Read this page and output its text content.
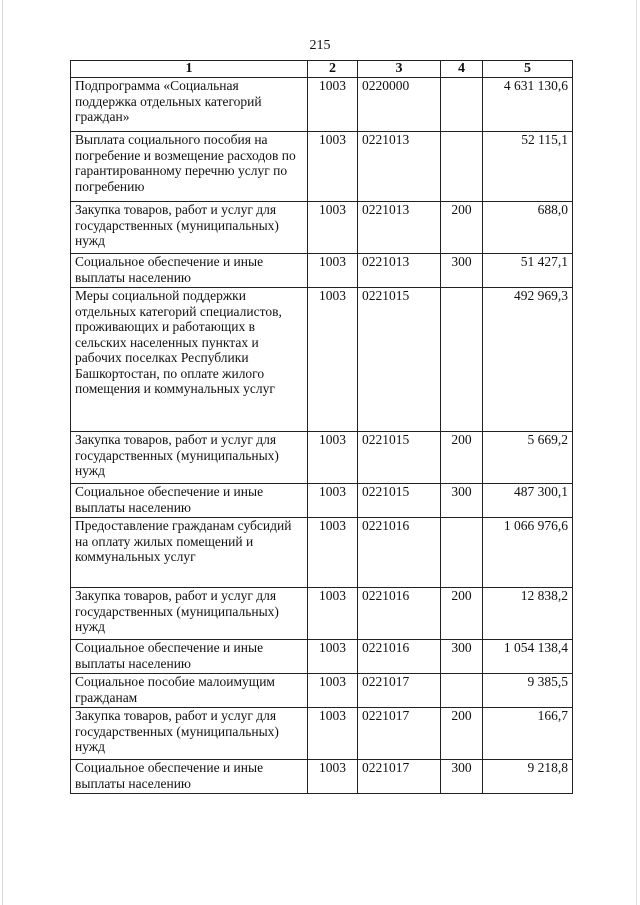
215
1	2	3	4	5
Подпрограмма «Социальная поддержка отдельных категорий граждан»	1003	0220000		4 631 130,6
Выплата социального пособия на погребение и возмещение расходов по гарантированному перечню услуг по погребению	1003	0221013		52 115,1
Закупка товаров, работ и услуг для государственных (муниципальных) нужд	1003	0221013	200	688,0
Социальное обеспечение и иные выплаты населению	1003	0221013	300	51 427,1
Меры социальной поддержки отдельных категорий специалистов, проживающих и работающих в сельских населенных пунктах и рабочих поселках Республики Башкортостан, по оплате жилого помещения и коммунальных услуг	1003	0221015		492 969,3
Закупка товаров, работ и услуг для государственных (муниципальных) нужд	1003	0221015	200	5 669,2
Социальное обеспечение и иные выплаты населению	1003	0221015	300	487 300,1
Предоставление гражданам субсидий на оплату жилых помещений и коммунальных услуг	1003	0221016		1 066 976,6
Закупка товаров, работ и услуг для государственных (муниципальных) нужд	1003	0221016	200	12 838,2
Социальное обеспечение и иные выплаты населению	1003	0221016	300	1 054 138,4
Социальное пособие малоимущим гражданам	1003	0221017		9 385,5
Закупка товаров, работ и услуг для государственных (муниципальных) нужд	1003	0221017	200	166,7
Социальное обеспечение и иные выплаты населению	1003	0221017	300	9 218,8
